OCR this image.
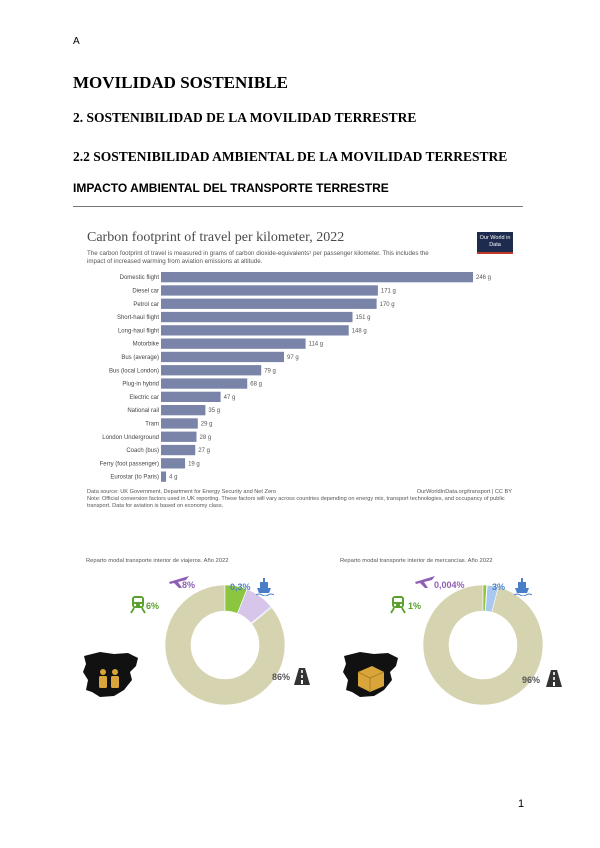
A
MOVILIDAD SOSTENIBLE
2. SOSTENIBILIDAD DE LA MOVILIDAD TERRESTRE
2.2 SOSTENIBILIDAD AMBIENTAL DE LA MOVILIDAD TERRESTRE
IMPACTO AMBIENTAL DEL TRANSPORTE TERRESTRE
Carbon footprint of travel per kilometer, 2022
The carbon footprint of travel is measured in grams of carbon dioxide-equivalents¹ per passenger kilometer. This includes the impact of increased warming from aviation emissions at altitude.
Our World in Data
Domestic flight	246 g
Diesel car	171 g
Petrol car	170 g
Short-haul flight	151 g
Long-haul flight	148 g
Motorbike	114 g
Bus (average)	97 g
Bus (local London)	79 g
Plug-in hybrid	68 g
Electric car	47 g
National rail	35 g
Tram	29 g
London Underground	28 g
Coach (bus)	27 g
Ferry (foot passenger)	19 g
Eurostar (to Paris) 4 g
Data source: UK Government, Department for Energy Security and Net Zero	OurWorldInData.org/transport | CC BY
Note: Official conversion factors used in UK reporting. These factors will vary across countries depending on energy mix, transport technologies, and occupancy of public transport. Data for aviation is based on economy class.
Reparto modal transporte interior de viajeros. Año 2022
6%
8%	0,3%
86%
Reparto modal transporte interior de mercancías. Año 2022
1%
0,004%	3%
96%
1
